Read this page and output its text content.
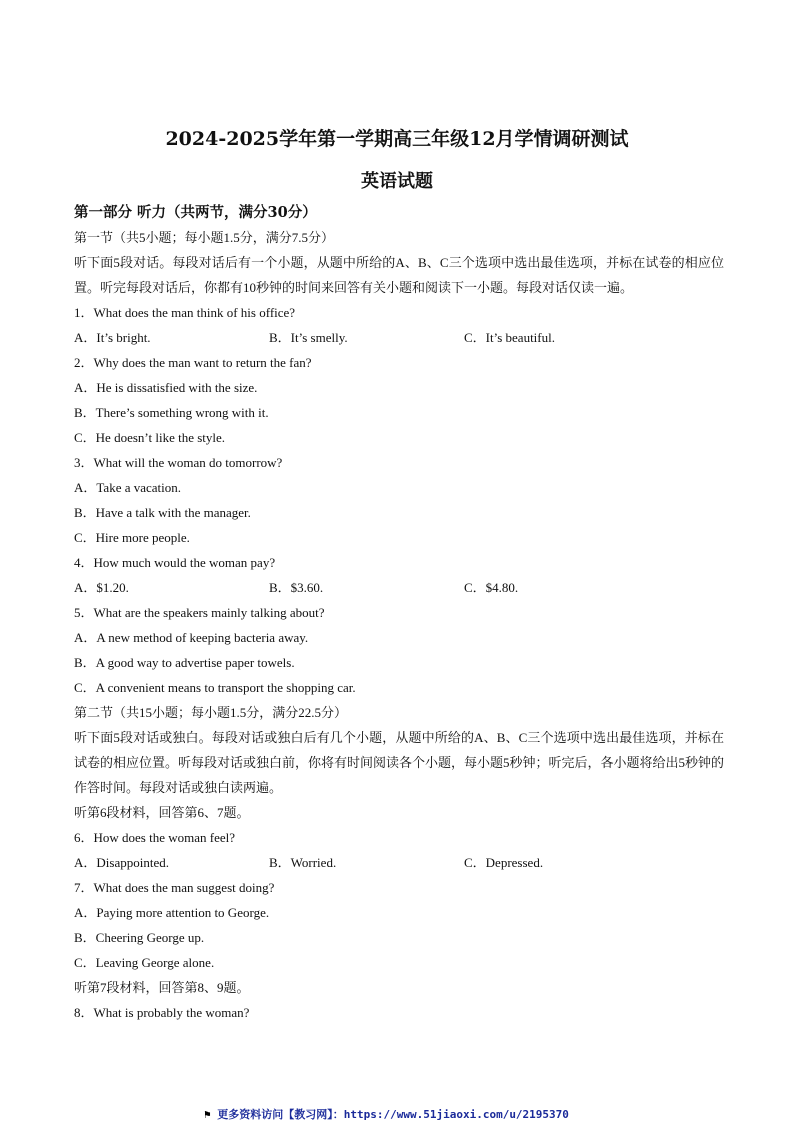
2024-2025学年第一学期高三年级12月学情调研测试
英语试题
第一部分 听力（共两节，满分30分）
第一节（共5小题；每小题1.5分，满分7.5分）
听下面5段对话。每段对话后有一个小题，从题中所给的A、B、C三个选项中选出最佳选项，并标在试卷的相应位置。听完每段对话后，你都有10秒钟的时间来回答有关小题和阅读下一小题。每段对话仅读一遍。
1．What does the man think of his office?
A．It’s bright.	B．It’s smelly.	C．It’s beautiful.
2．Why does the man want to return the fan?
A．He is dissatisfied with the size.
B．There’s something wrong with it.
C．He doesn’t like the style.
3．What will the woman do tomorrow?
A．Take a vacation.
B．Have a talk with the manager.
C．Hire more people.
4．How much would the woman pay?
A．$1.20.	B．$3.60.	C．$4.80.
5．What are the speakers mainly talking about?
A．A new method of keeping bacteria away.
B．A good way to advertise paper towels.
C．A convenient means to transport the shopping car.
第二节（共15小题；每小题1.5分，满分22.5分）
听下面5段对话或独白。每段对话或独白后有几个小题，从题中所给的A、B、C三个选项中选出最佳选项，并标在试卷的相应位置。听每段对话或独白前，你将有时间阅读各个小题，每小题5秒钟；听完后，各小题将给出5秒钟的作答时间。每段对话或独白读两遍。
听第6段材料，回答第6、7题。
6．How does the woman feel?
A．Disappointed.	B．Worried.	C．Depressed.
7．What does the man suggest doing?
A．Paying more attention to George.
B．Cheering George up.
C．Leaving George alone.
听第7段材料，回答第8、9题。
8．What is probably the woman?
⚑ 更多资料访问【教习网】：https://www.51jiaoxi.com/u/2195370
